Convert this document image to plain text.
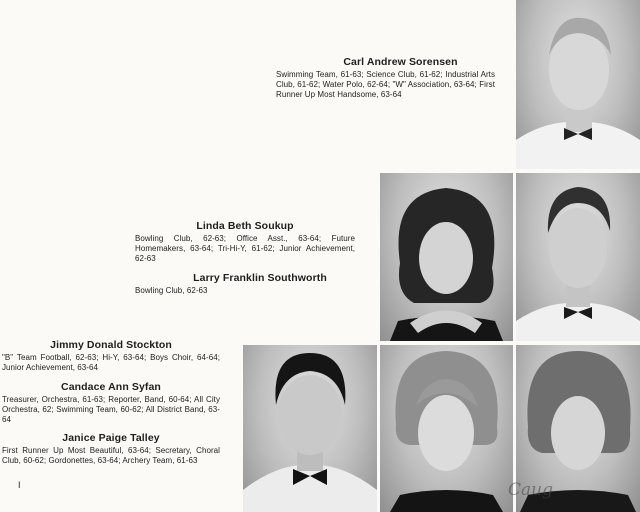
Carl Andrew Sorensen
Swimming Team, 61-63; Science Club, 61-62; Industrial Arts Club, 61-62; Water Polo, 62-64; "W" Association, 63-64; First Runner Up Most Handsome, 63-64
Linda Beth Soukup
Bowling Club, 62-63; Office Asst., 63-64; Future Homemakers, 63-64; Tri-Hi-Y, 61-62; Junior Achievement, 62-63
Larry Franklin Southworth
Bowling Club, 62-63
Jimmy Donald Stockton
"B" Team Football, 62-63; Hi-Y, 63-64; Boys Choir, 64-64; Junior Achievement, 63-64
Candace Ann Syfan
Treasurer, Orchestra, 61-63; Reporter, Band, 60-64; All City Orchestra, 62; Swimming Team, 60-62; All District Band, 63-64
Janice Paige Talley
First Runner Up Most Beautiful, 63-64; Secretary, Choral Club, 60-62; Gordonettes, 63-64; Archery Team, 61-63
I	Caug
